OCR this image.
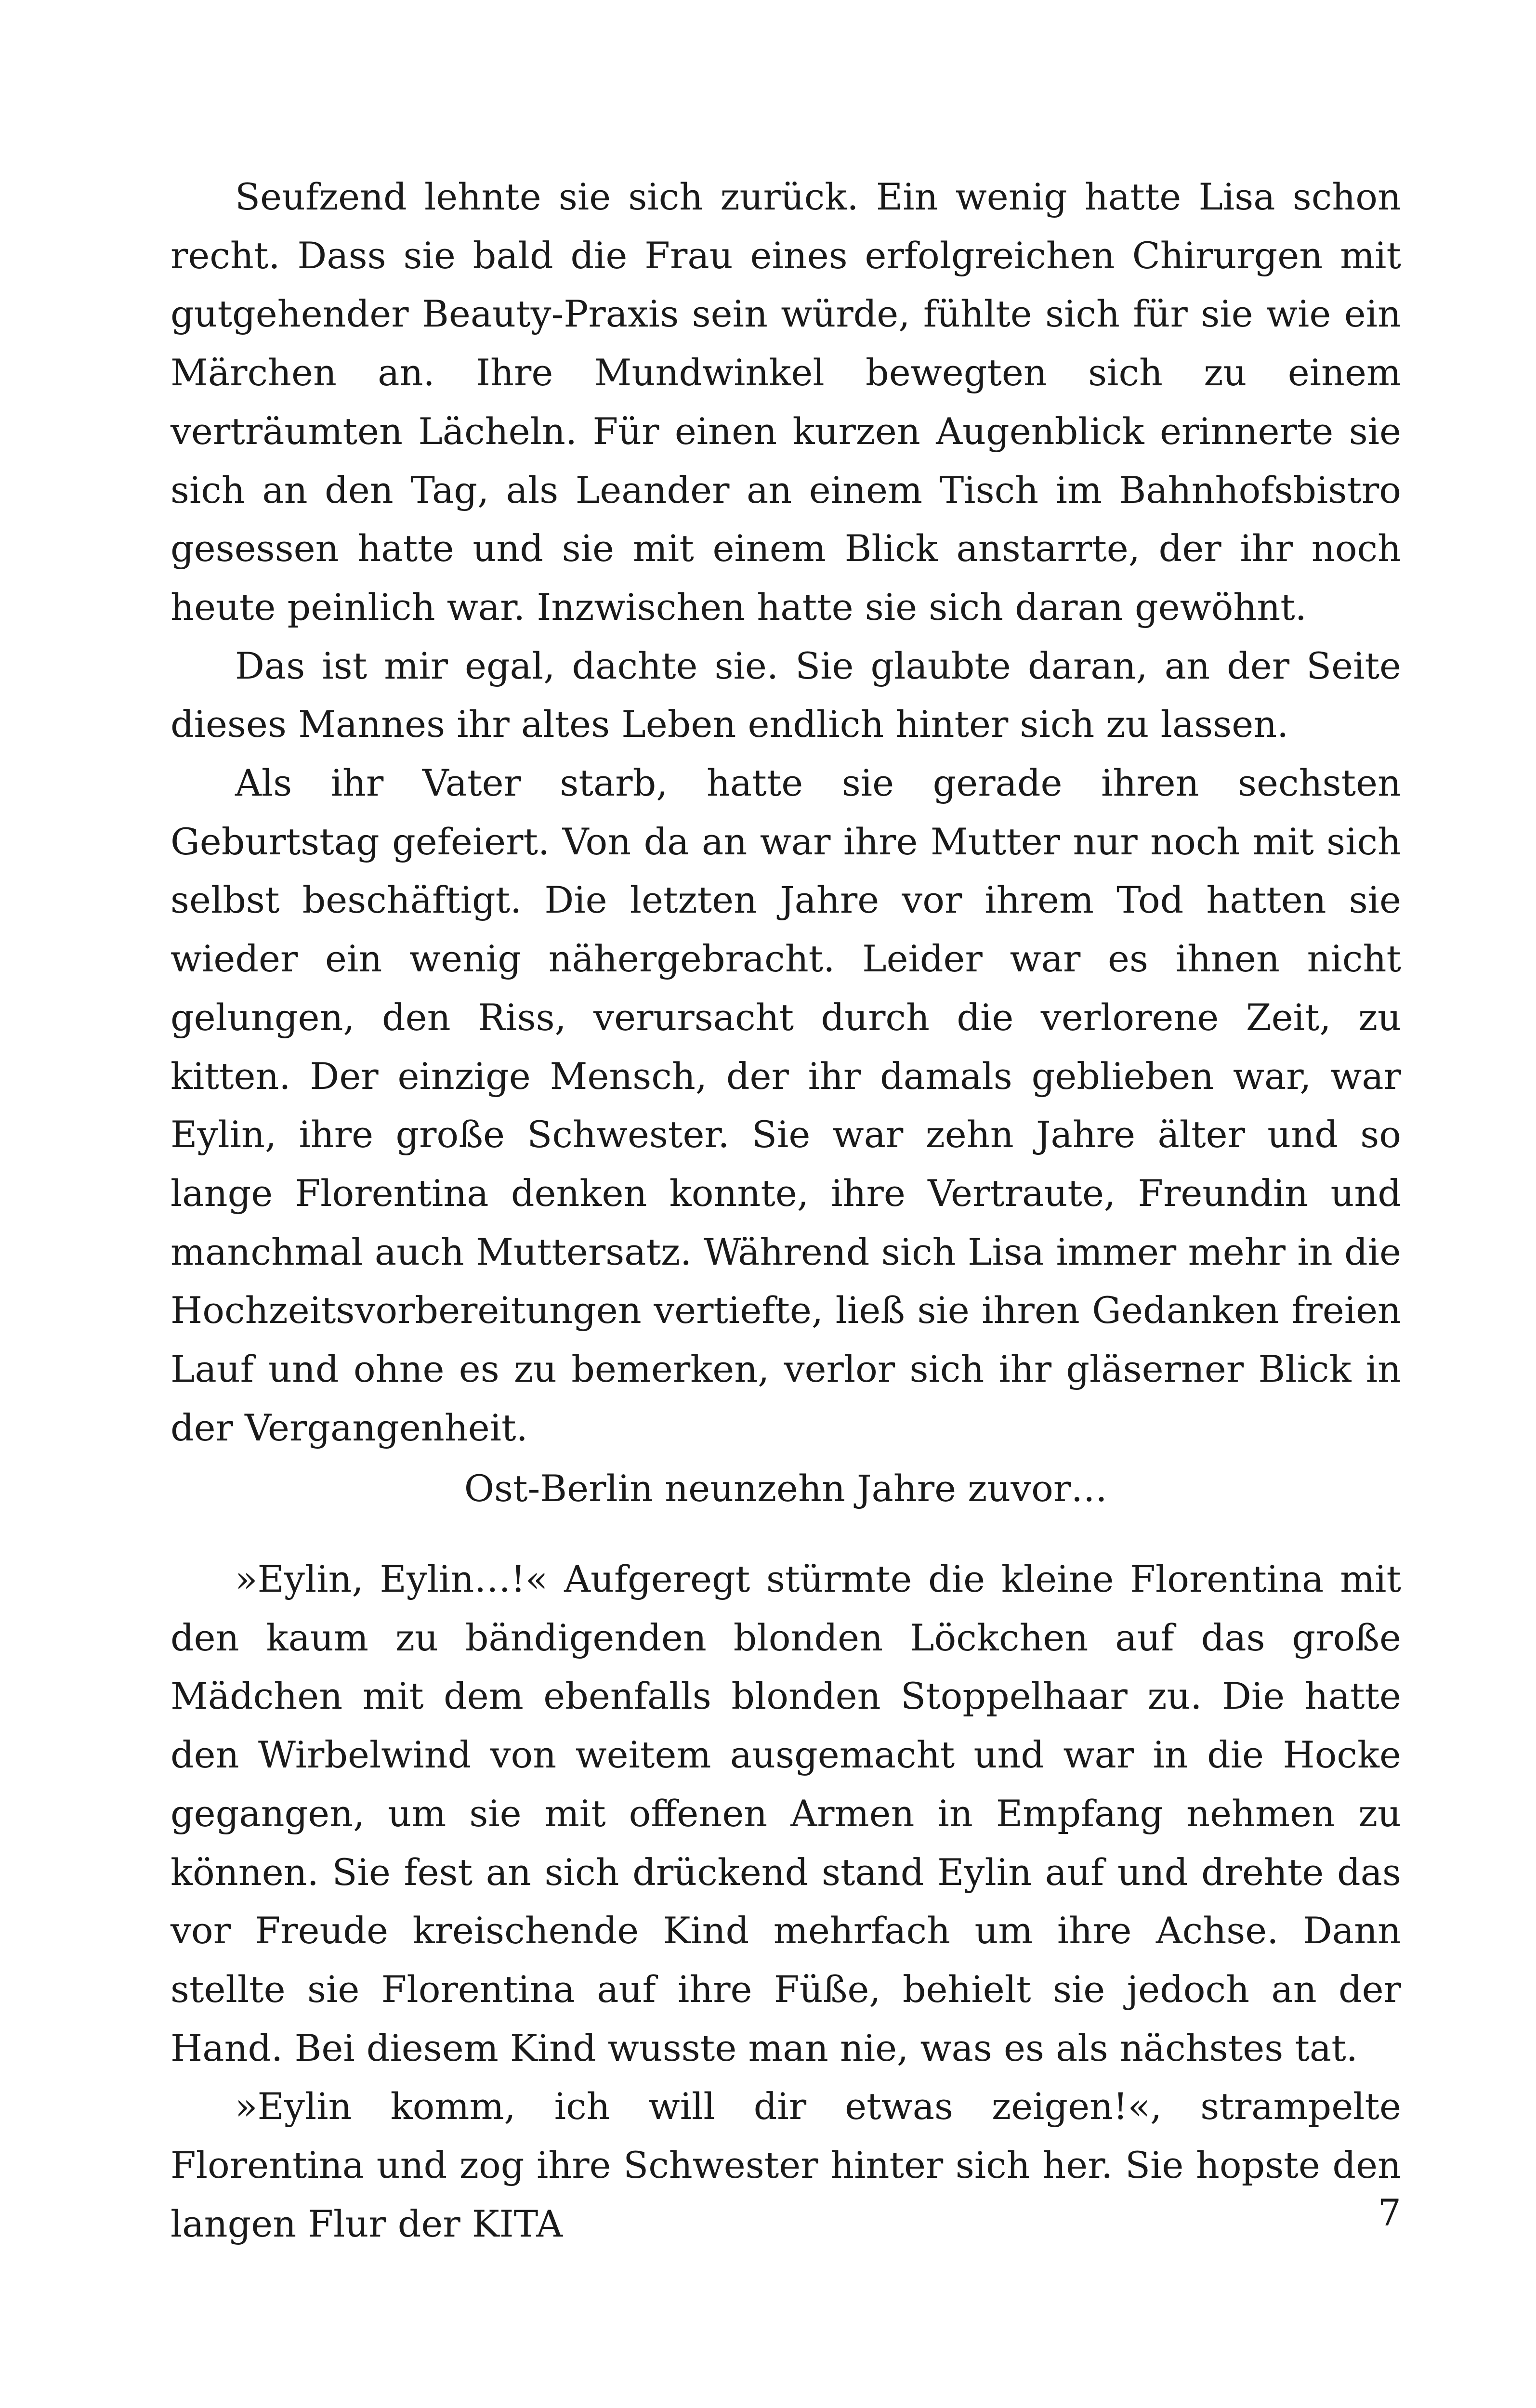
Seufzend lehnte sie sich zurück. Ein wenig hatte Lisa schon recht. Dass sie bald die Frau eines erfolgreichen Chirurgen mit gutgehender Beauty-Praxis sein würde, fühlte sich für sie wie ein Märchen an. Ihre Mundwinkel bewegten sich zu einem verträumten Lächeln. Für einen kurzen Augenblick erinnerte sie sich an den Tag, als Leander an einem Tisch im Bahnhofsbistro gesessen hatte und sie mit einem Blick anstarrte, der ihr noch heute peinlich war. Inzwischen hatte sie sich daran gewöhnt.

Das ist mir egal, dachte sie. Sie glaubte daran, an der Seite dieses Mannes ihr altes Leben endlich hinter sich zu lassen.

Als ihr Vater starb, hatte sie gerade ihren sechsten Geburtstag gefeiert. Von da an war ihre Mutter nur noch mit sich selbst beschäftigt. Die letzten Jahre vor ihrem Tod hatten sie wieder ein wenig nähergebracht. Leider war es ihnen nicht gelungen, den Riss, verursacht durch die verlorene Zeit, zu kitten. Der einzige Mensch, der ihr damals geblieben war, war Eylin, ihre große Schwester. Sie war zehn Jahre älter und so lange Florentina denken konnte, ihre Vertraute, Freundin und manchmal auch Muttersatz. Während sich Lisa immer mehr in die Hochzeitsvorbereitungen vertiefte, ließ sie ihren Gedanken freien Lauf und ohne es zu bemerken, verlor sich ihr gläserner Blick in der Vergangenheit.

Ost-Berlin neunzehn Jahre zuvor…

»Eylin, Eylin…!« Aufgeregt stürmte die kleine Florentina mit den kaum zu bändigenden blonden Löckchen auf das große Mädchen mit dem ebenfalls blonden Stoppelhaar zu. Die hatte den Wirbelwind von weitem ausgemacht und war in die Hocke gegangen, um sie mit offenen Armen in Empfang nehmen zu können. Sie fest an sich drückend stand Eylin auf und drehte das vor Freude kreischende Kind mehrfach um ihre Achse. Dann stellte sie Florentina auf ihre Füße, behielt sie jedoch an der Hand. Bei diesem Kind wusste man nie, was es als nächstes tat.

»Eylin komm, ich will dir etwas zeigen!«, strampelte Florentina und zog ihre Schwester hinter sich her. Sie hopste den langen Flur der KITA	7
